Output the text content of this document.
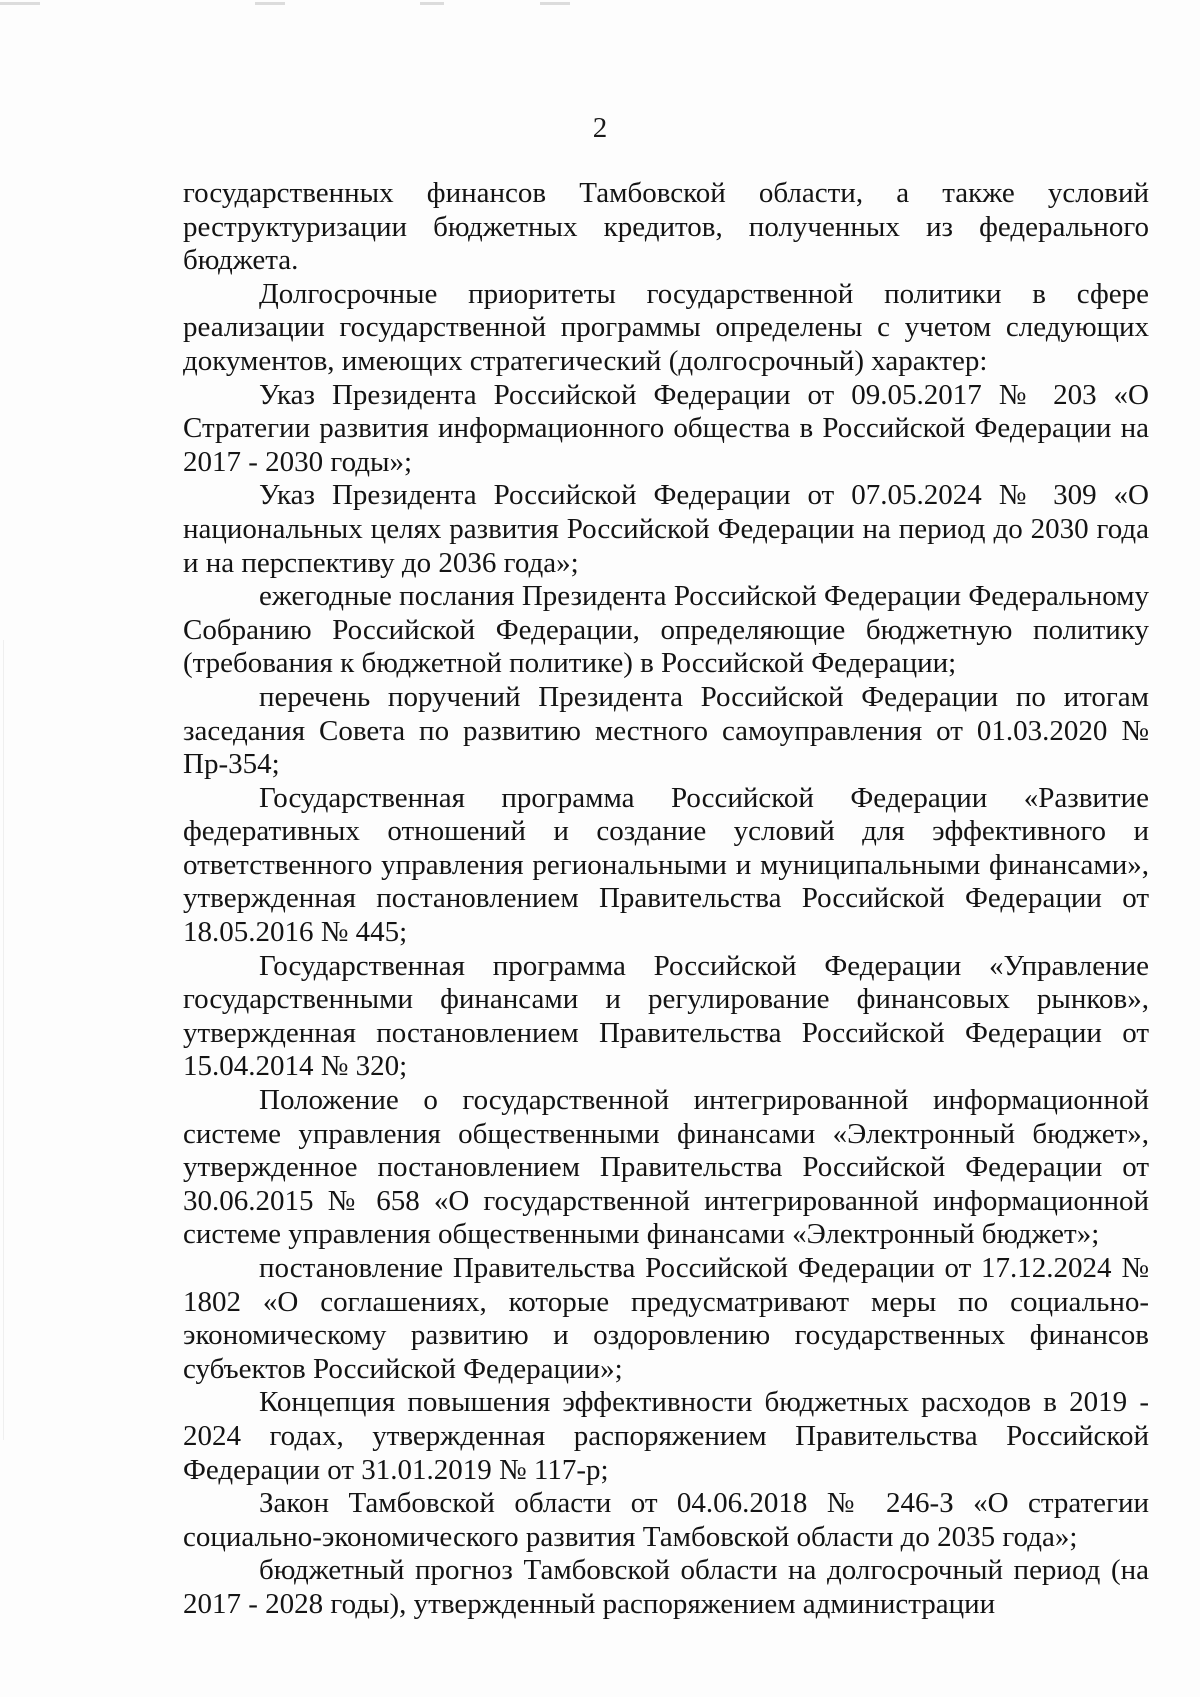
2

государственных финансов Тамбовской области, а также условий реструктуризации бюджетных кредитов, полученных из федерального бюджета.

Долгосрочные приоритеты государственной политики в сфере реализации государственной программы определены с учетом следующих документов, имеющих стратегический (долгосрочный) характер:

Указ Президента Российской Федерации от 09.05.2017 № 203 «О Стратегии развития информационного общества в Российской Федерации на 2017 - 2030 годы»;

Указ Президента Российской Федерации от 07.05.2024 № 309 «О национальных целях развития Российской Федерации на период до 2030 года и на перспективу до 2036 года»;

ежегодные послания Президента Российской Федерации Федеральному Собранию Российской Федерации, определяющие бюджетную политику (требования к бюджетной политике) в Российской Федерации;

перечень поручений Президента Российской Федерации по итогам заседания Совета по развитию местного самоуправления от 01.03.2020 № Пр-354;

Государственная программа Российской Федерации «Развитие федеративных отношений и создание условий для эффективного и ответственного управления региональными и муниципальными финансами», утвержденная постановлением Правительства Российской Федерации от 18.05.2016 № 445;

Государственная программа Российской Федерации «Управление государственными финансами и регулирование финансовых рынков», утвержденная постановлением Правительства Российской Федерации от 15.04.2014 № 320;

Положение о государственной интегрированной информационной системе управления общественными финансами «Электронный бюджет», утвержденное постановлением Правительства Российской Федерации от 30.06.2015 № 658 «О государственной интегрированной информационной системе управления общественными финансами «Электронный бюджет»;

постановление Правительства Российской Федерации от 17.12.2024 № 1802 «О соглашениях, которые предусматривают меры по социально-экономическому развитию и оздоровлению государственных финансов субъектов Российской Федерации»;

Концепция повышения эффективности бюджетных расходов в 2019 - 2024 годах, утвержденная распоряжением Правительства Российской Федерации от 31.01.2019 № 117-р;

Закон Тамбовской области от 04.06.2018 № 246-З «О стратегии социально-экономического развития Тамбовской области до 2035 года»;

бюджетный прогноз Тамбовской области на долгосрочный период (на 2017 - 2028 годы), утвержденный распоряжением администрации
